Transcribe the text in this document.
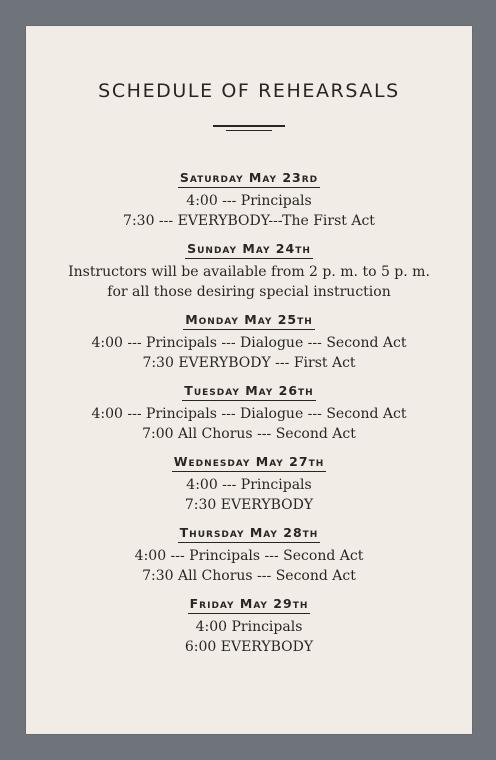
SCHEDULE OF REHEARSALS
Saturday May 23rd

4:00 --- Principals

7:30 --- EVERYBODY---The First Act

Sunday May 24th

Instructors will be available from 2 p. m. to 5 p. m.

for all those desiring special instruction

Monday May 25th

4:00 --- Principals --- Dialogue --- Second Act

7:30 EVERYBODY --- First Act

Tuesday May 26th

4:00 --- Principals --- Dialogue --- Second Act

7:00 All Chorus --- Second Act

Wednesday May 27th

4:00 --- Principals

7:30 EVERYBODY

Thursday May 28th

4:00 --- Principals --- Second Act

7:30 All Chorus --- Second Act

Friday May 29th

4:00 Principals

6:00 EVERYBODY
